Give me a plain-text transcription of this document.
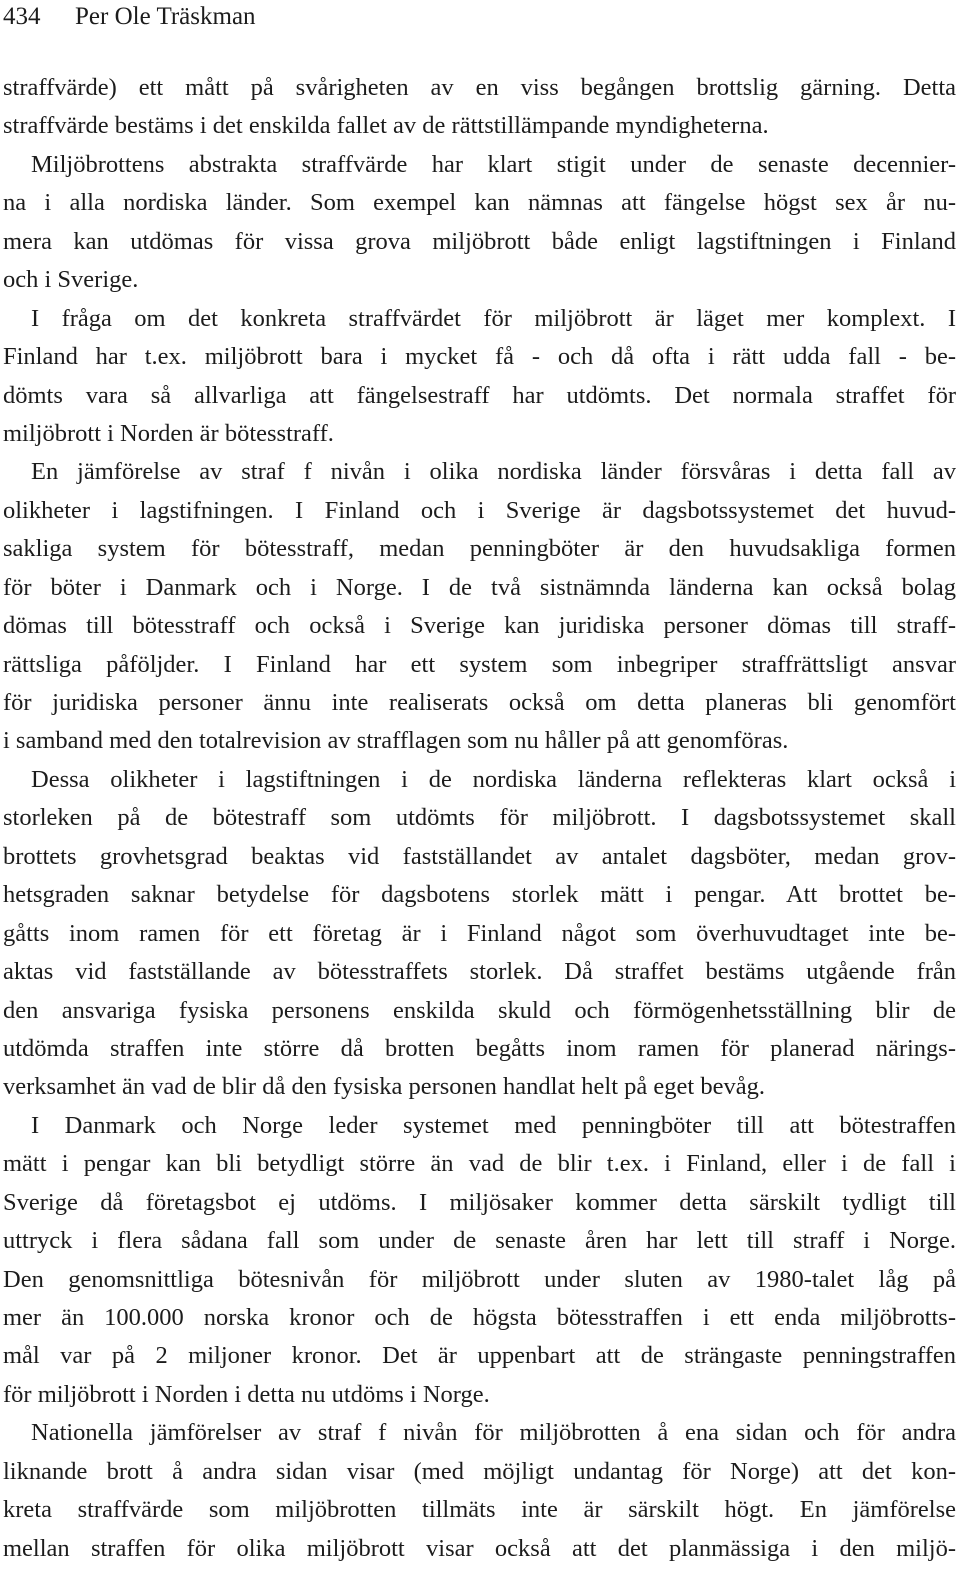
434 Per Ole Träskman
straffvärde) ett mått på svårigheten av en viss begången brottslig gärning. Detta
straffvärde bestäms i det enskilda fallet av de rättstillämpande myndigheterna.
Miljöbrottens abstrakta straffvärde har klart stigit under de senaste decennier-
na i alla nordiska länder. Som exempel kan nämnas att fängelse högst sex år nu-
mera kan utdömas för vissa grova miljöbrott både enligt lagstiftningen i Finland
och i Sverige.
I fråga om det konkreta straffvärdet för miljöbrott är läget mer komplext. I
Finland har t.ex. miljöbrott bara i mycket få - och då ofta i rätt udda fall - be-
dömts vara så allvarliga att fängelsestraff har utdömts. Det normala straffet för
miljöbrott i Norden är bötesstraff.
En jämförelse av straf f nivån i olika nordiska länder försvåras i detta fall av
olikheter i lagstifningen. I Finland och i Sverige är dagsbotssystemet det huvud-
sakliga system för bötesstraff, medan penningböter är den huvudsakliga formen
för böter i Danmark och i Norge. I de två sistnämnda länderna kan också bolag
dömas till bötesstraff och också i Sverige kan juridiska personer dömas till straff-
rättsliga påföljder. I Finland har ett system som inbegriper straffrättsligt ansvar
för juridiska personer ännu inte realiserats också om detta planeras bli genomfört
i samband med den totalrevision av strafflagen som nu håller på att genomföras.
Dessa olikheter i lagstiftningen i de nordiska länderna reflekteras klart också i
storleken på de bötestraff som utdömts för miljöbrott. I dagsbotssystemet skall
brottets grovhetsgrad beaktas vid fastställandet av antalet dagsböter, medan grov-
hetsgraden saknar betydelse för dagsbotens storlek mätt i pengar. Att brottet be-
gåtts inom ramen för ett företag är i Finland något som överhuvudtaget inte be-
aktas vid fastställande av bötesstraffets storlek. Då straffet bestäms utgående från
den ansvariga fysiska personens enskilda skuld och förmögenhetsställning blir de
utdömda straffen inte större då brotten begåtts inom ramen för planerad närings-
verksamhet än vad de blir då den fysiska personen handlat helt på eget bevåg.
I Danmark och Norge leder systemet med penningböter till att bötestraffen
mätt i pengar kan bli betydligt större än vad de blir t.ex. i Finland, eller i de fall i
Sverige då företagsbot ej utdöms. I miljösaker kommer detta särskilt tydligt till
uttryck i flera sådana fall som under de senaste åren har lett till straff i Norge.
Den genomsnittliga bötesnivån för miljöbrott under sluten av 1980-talet låg på
mer än 100.000 norska kronor och de högsta bötesstraffen i ett enda miljöbrotts-
mål var på 2 miljoner kronor. Det är uppenbart att de strängaste penningstraffen
för miljöbrott i Norden i detta nu utdöms i Norge.
Nationella jämförelser av straf f nivån för miljöbrotten å ena sidan och för andra
liknande brott å andra sidan visar (med möjligt undantag för Norge) att det kon-
kreta straffvärde som miljöbrotten tillmäts inte är särskilt högt. En jämförelse
mellan straffen för olika miljöbrott visar också att det planmässiga i den miljö-
